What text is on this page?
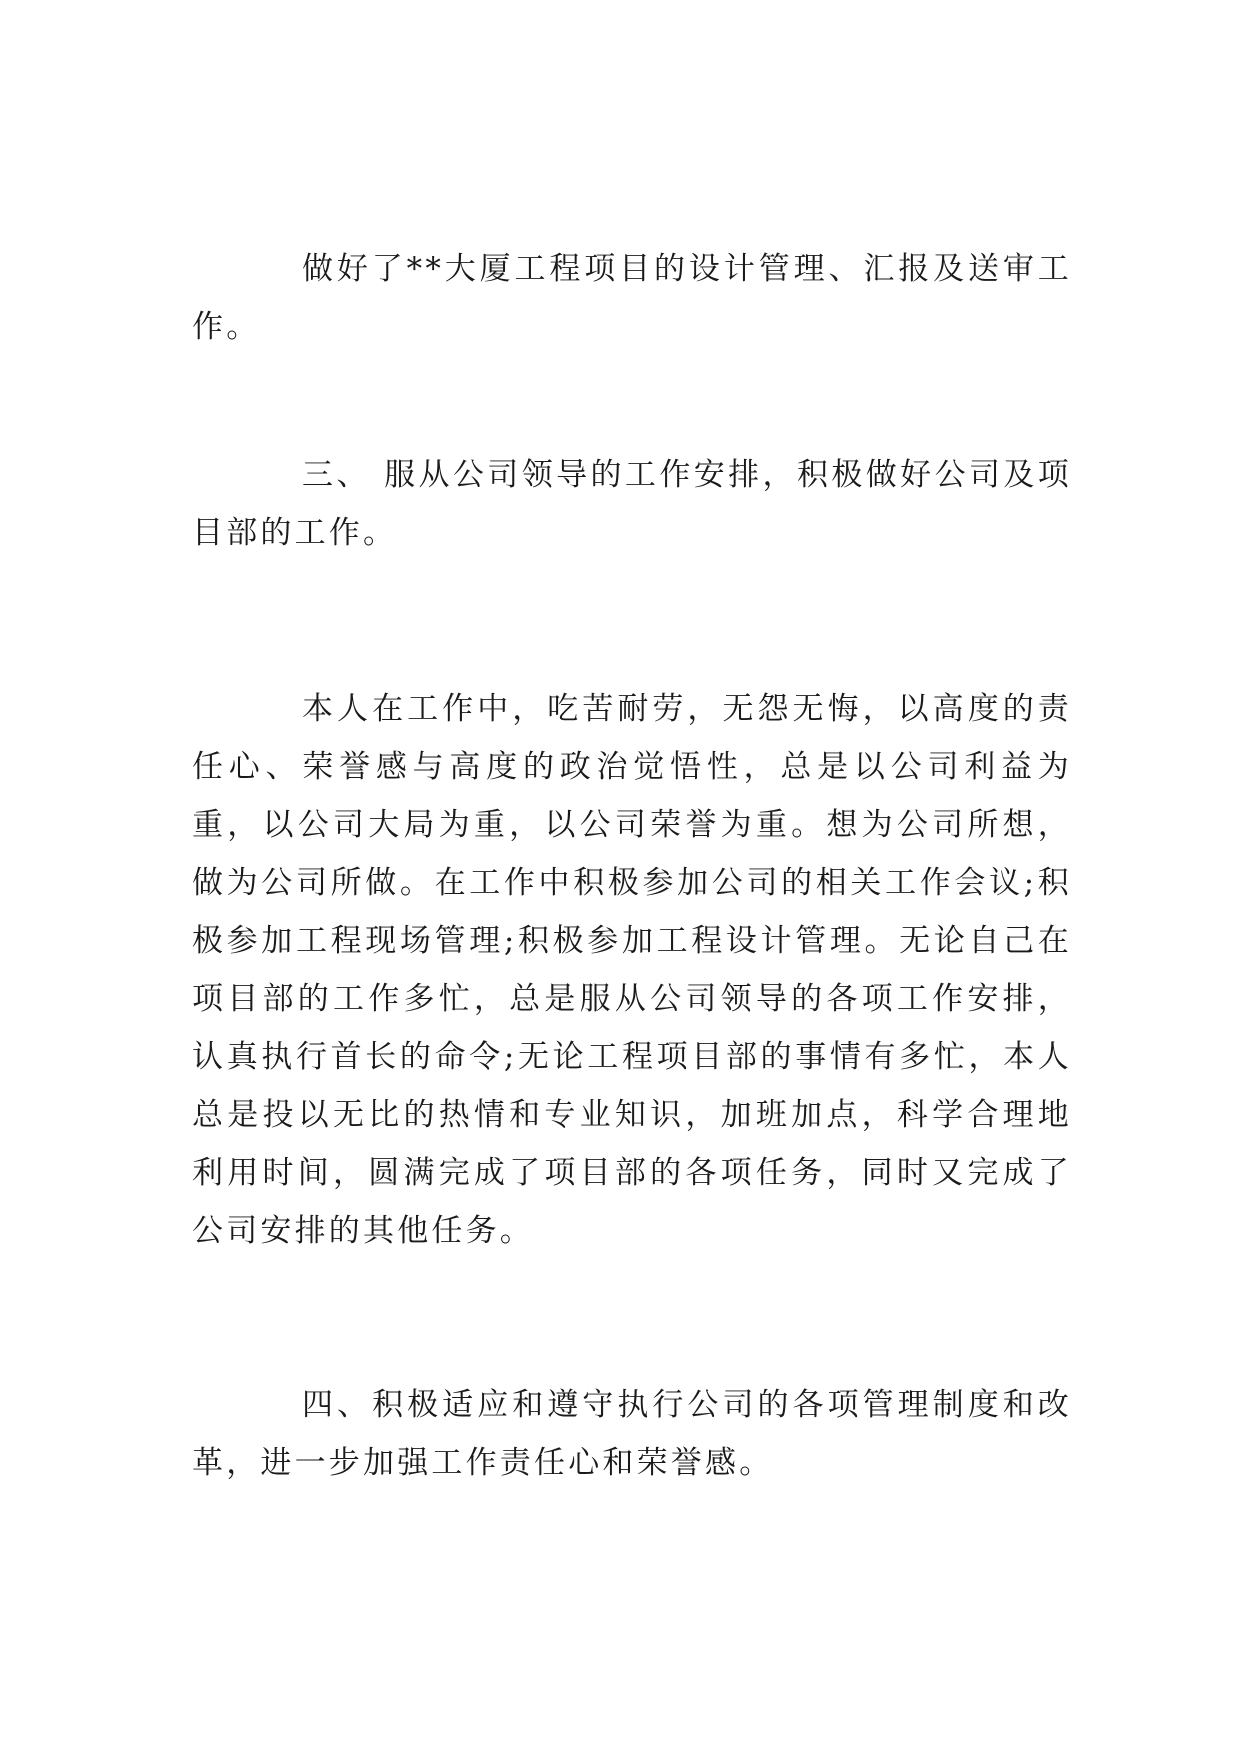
做好了**大厦工程项目的设计管理、汇报及送审工作。

三、 服从公司领导的工作安排，积极做好公司及项目部的工作。

本人在工作中，吃苦耐劳，无怨无悔，以高度的责任心、荣誉感与高度的政治觉悟性，总是以公司利益为重，以公司大局为重，以公司荣誉为重。想为公司所想，做为公司所做。在工作中积极参加公司的相关工作会议;积极参加工程现场管理;积极参加工程设计管理。无论自己在项目部的工作多忙，总是服从公司领导的各项工作安排，认真执行首长的命令;无论工程项目部的事情有多忙，本人总是投以无比的热情和专业知识，加班加点，科学合理地利用时间，圆满完成了项目部的各项任务，同时又完成了公司安排的其他任务。

四、积极适应和遵守执行公司的各项管理制度和改革，进一步加强工作责任心和荣誉感。
